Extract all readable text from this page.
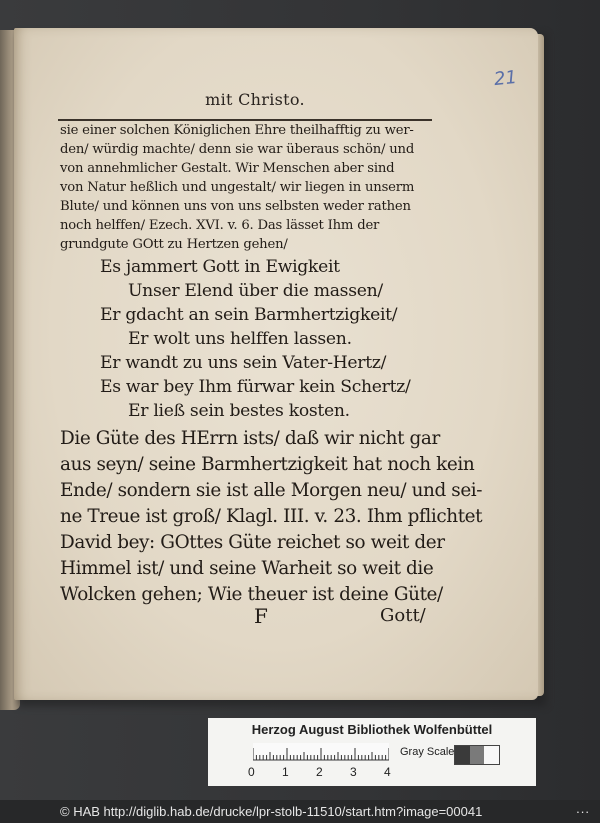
21
mit Christo.
sie einer solchen Königlichen Ehre theilhafftig zu wer-
den/ würdig machte/ denn sie war überaus schön/ und
von annehmlicher Gestalt. Wir Menschen aber sind
von Natur heßlich und ungestalt/ wir liegen in unserm
Blute/ und können uns von uns selbsten weder rathen
noch helffen/ Ezech. XVI. v. 6. Das lässet Ihm der
grundgute GOtt zu Hertzen gehen/
Es jammert Gott in Ewigkeit
Unser Elend über die massen/
Er gdacht an sein Barmhertzigkeit/
Er wolt uns helffen lassen.
Er wandt zu uns sein Vater-Hertz/
Es war bey Ihm fürwar kein Schertz/
Er ließ sein bestes kosten.
Die Güte des HErrn ists/ daß wir nicht gar
aus seyn/ seine Barmhertzigkeit hat noch kein
Ende/ sondern sie ist alle Morgen neu/ und sei-
ne Treue ist groß/ Klagl. III. v. 23. Ihm pflichtet
David bey: GOttes Güte reichet so weit der
Himmel ist/ und seine Warheit so weit die
Wolcken gehen; Wie theuer ist deine Güte/
F	Gott/
Herzog August Bibliothek Wolfenbüttel
Gray Scale
0 1 2 3 4
© HAB http://diglib.hab.de/drucke/lpr-stolb-11510/start.htm?image=00041	...
